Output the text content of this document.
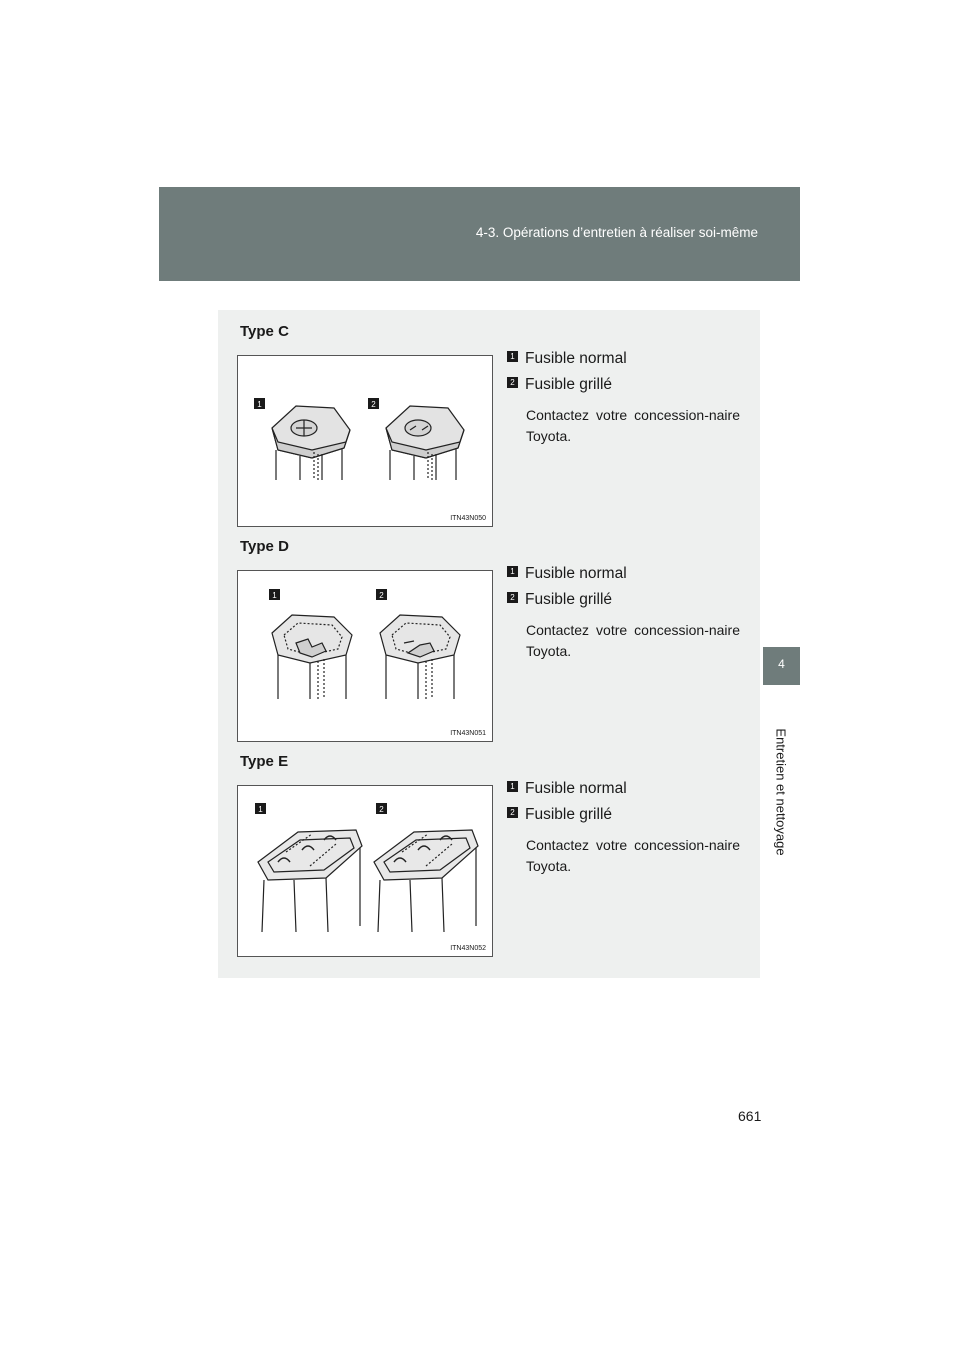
4-3. Opérations d’entretien à réaliser soi-même
4
Entretien et nettoyage
Type C
1	2
ITN43N050
1 Fusible normal
2 Fusible grillé
Contactez votre concession-naire Toyota.
Type D
1	2
ITN43N051
1 Fusible normal
2 Fusible grillé
Contactez votre concession-naire Toyota.
Type E
1	2
ITN43N052
1 Fusible normal
2 Fusible grillé
Contactez votre concession-naire Toyota.
661
